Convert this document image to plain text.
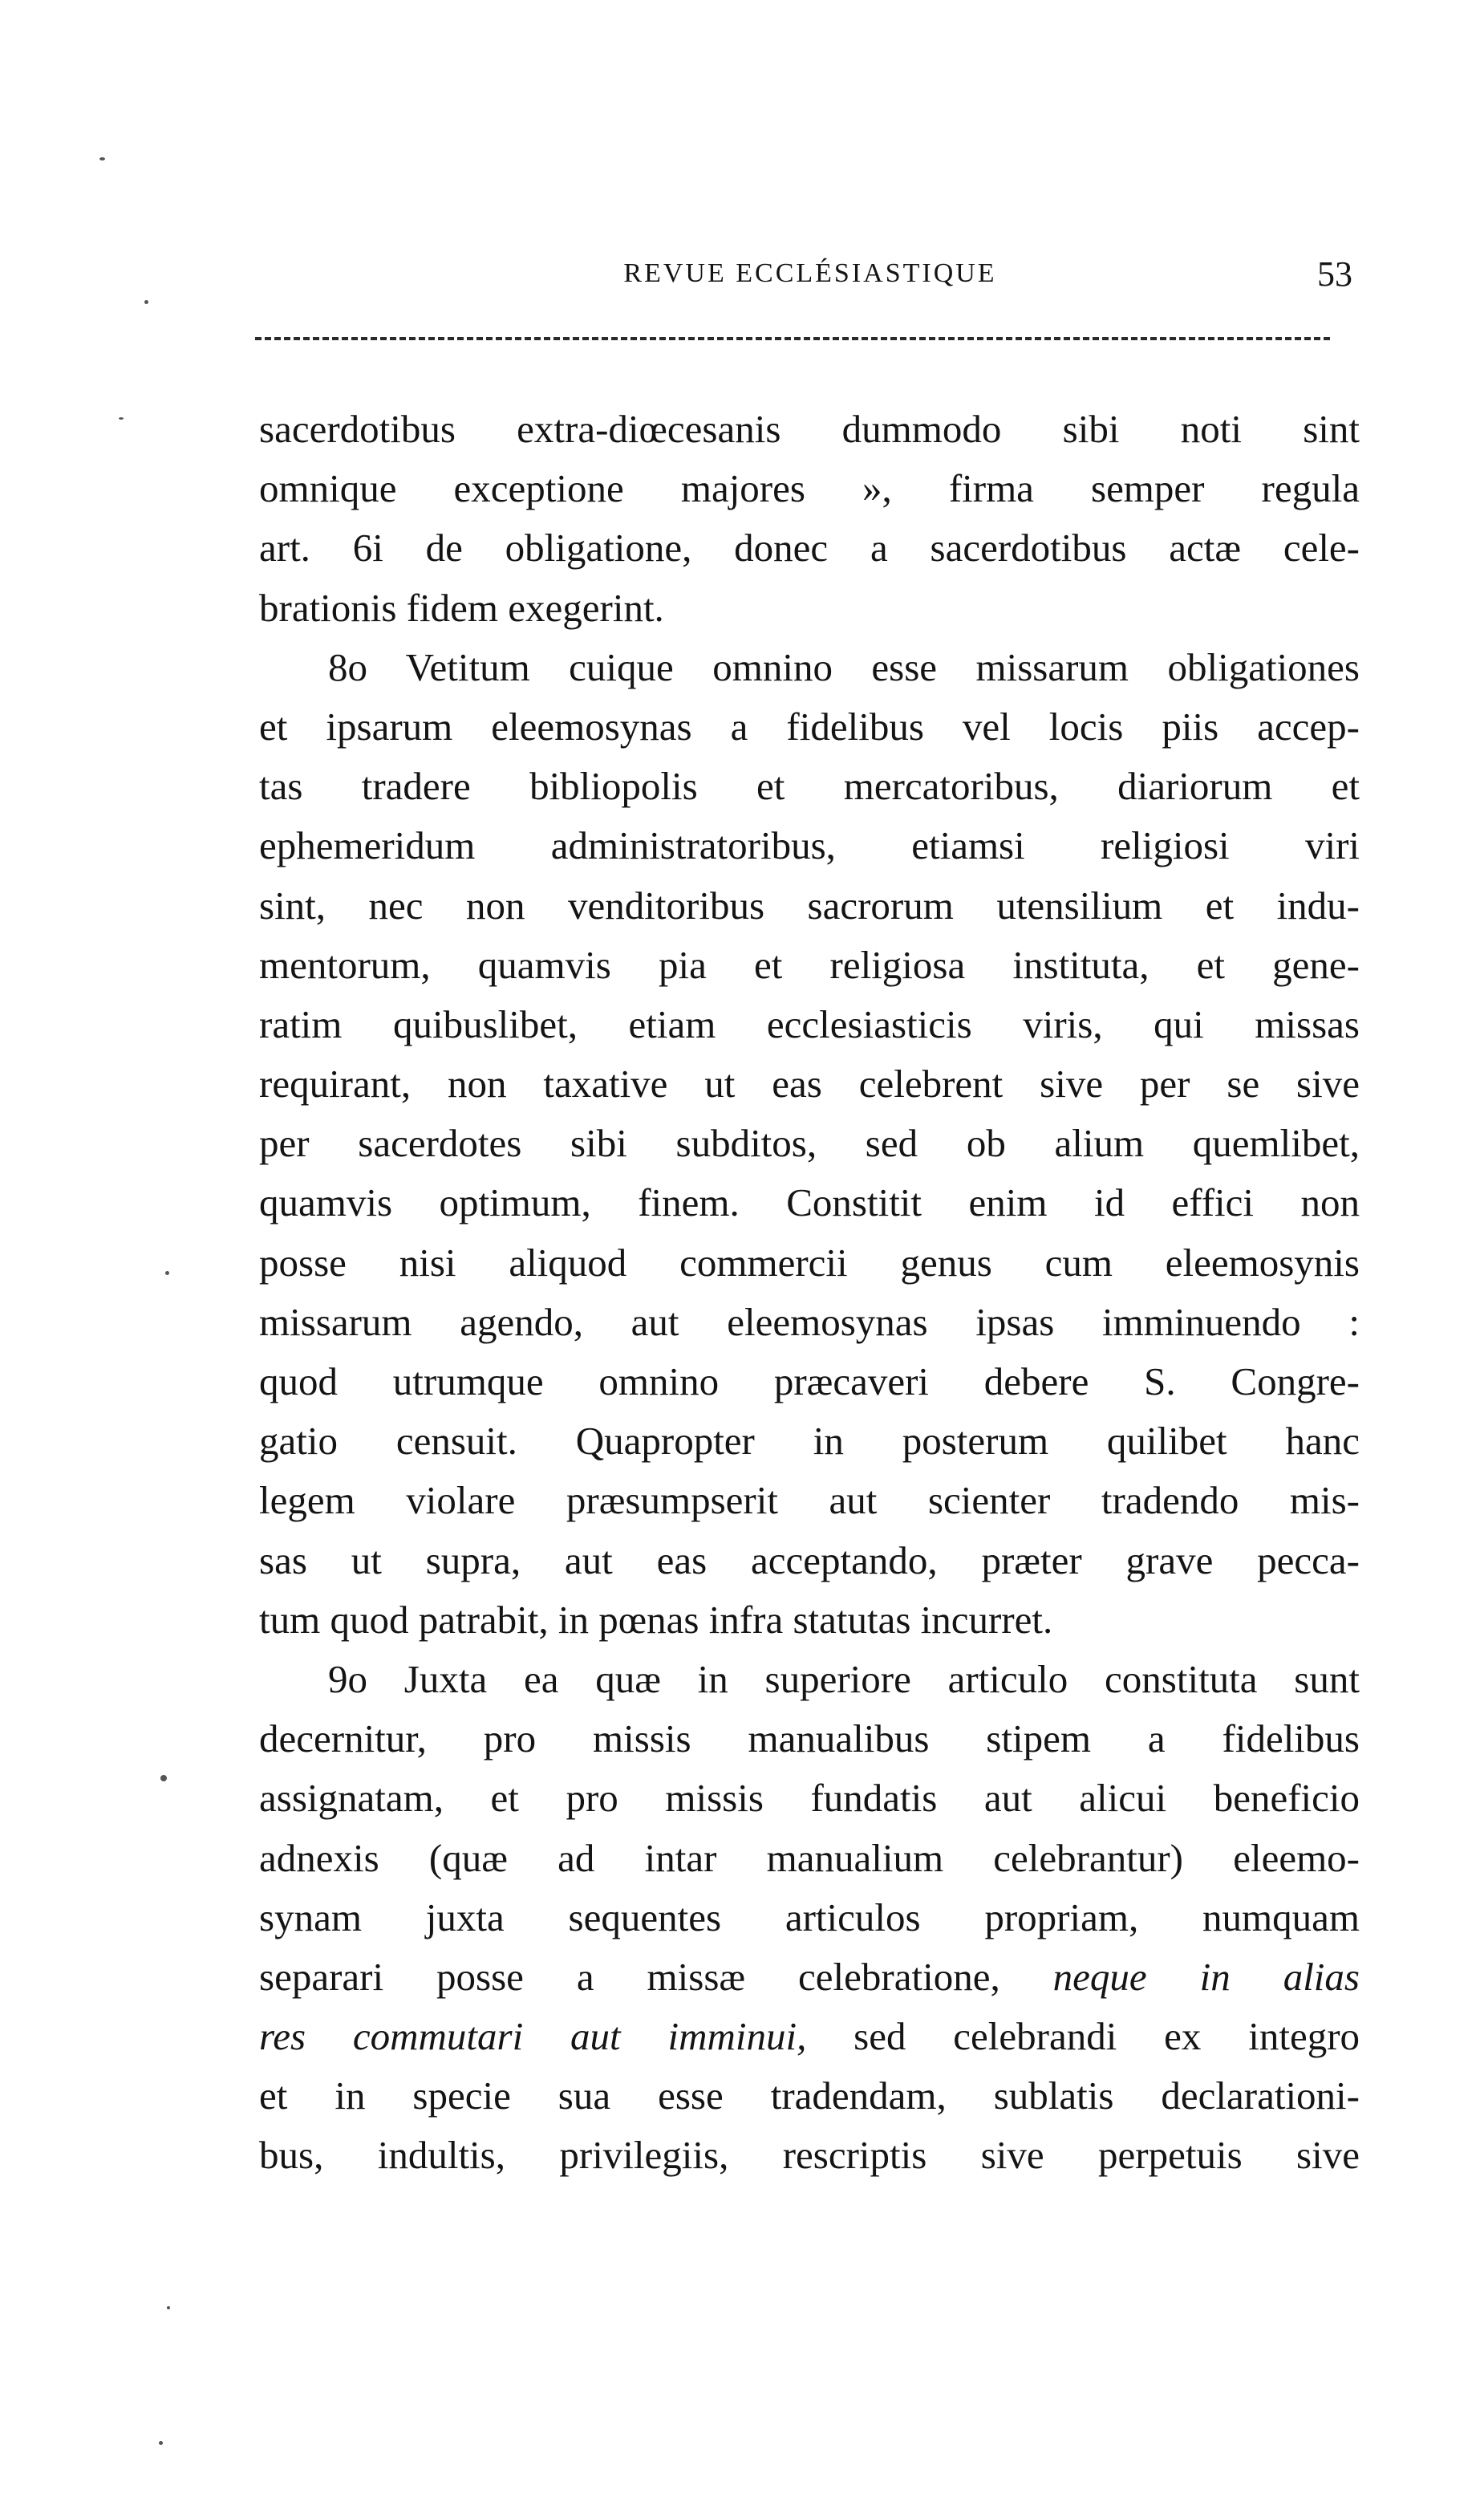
REVUE ECCLÉSIASTIQUE	53
sacerdotibus extra-diœcesanis dummodo sibi noti sint
omnique exceptione majores », firma semper regula
art. 6i de obligatione, donec a sacerdotibus actæ cele-
brationis fidem exegerint.
8o Vetitum cuique omnino esse missarum obligationes
et ipsarum eleemosynas a fidelibus vel locis piis accep-
tas tradere bibliopolis et mercatoribus, diariorum et
ephemeridum administratoribus, etiamsi religiosi viri
sint, nec non venditoribus sacrorum utensilium et indu-
mentorum, quamvis pia et religiosa instituta, et gene-
ratim quibuslibet, etiam ecclesiasticis viris, qui missas
requirant, non taxative ut eas celebrent sive per se sive
per sacerdotes sibi subditos, sed ob alium quemlibet,
quamvis optimum, finem. Constitit enim id effici non
posse nisi aliquod commercii genus cum eleemosynis
missarum agendo, aut eleemosynas ipsas imminuendo :
quod utrumque omnino præcaveri debere S. Congre-
gatio censuit. Quapropter in posterum quilibet hanc
legem violare præsumpserit aut scienter tradendo mis-
sas ut supra, aut eas acceptando, præter grave pecca-
tum quod patrabit, in pœnas infra statutas incurret.
9o Juxta ea quæ in superiore articulo constituta sunt
decernitur, pro missis manualibus stipem a fidelibus
assignatam, et pro missis fundatis aut alicui beneficio
adnexis (quæ ad intar manualium celebrantur) eleemo-
synam juxta sequentes articulos propriam, numquam
separari posse a missæ celebratione, neque in alias
res commutari aut imminui, sed celebrandi ex integro
et in specie sua esse tradendam, sublatis declarationi-
bus, indultis, privilegiis, rescriptis sive perpetuis sive
